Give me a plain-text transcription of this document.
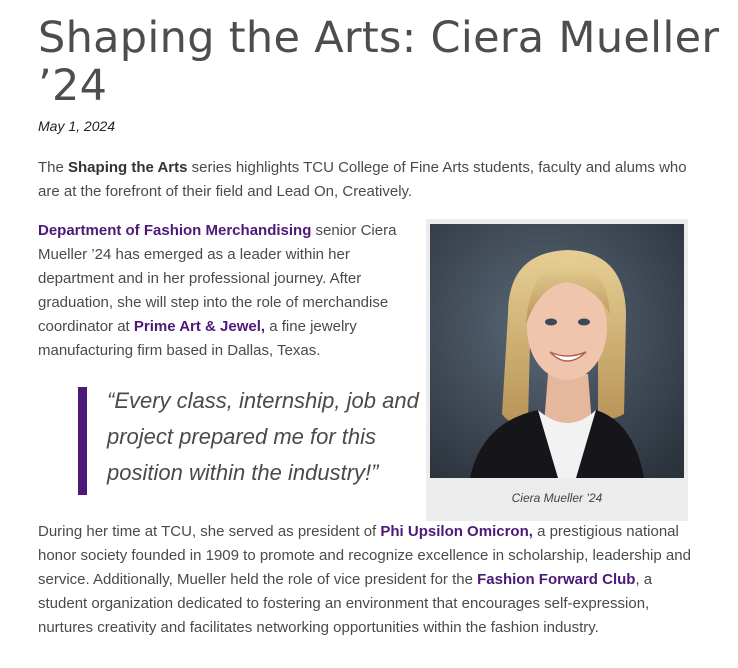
Shaping the Arts: Ciera Mueller
’24

May 1, 2024

The Shaping the Arts series highlights TCU College of Fine Arts students, faculty and alums who are at the forefront of their field and Lead On, Creatively.

Department of Fashion Merchandising senior Ciera Mueller ’24 has emerged as a leader within her department and in her professional journey. After graduation, she will step into the role of merchandise coordinator at Prime Art & Jewel, a fine jewelry manufacturing firm based in Dallas, Texas.

“Every class, internship, job and project prepared me for this position within the industry!”

Ciera Mueller ’24

During her time at TCU, she served as president of Phi Upsilon Omicron, a prestigious national honor society founded in 1909 to promote and recognize excellence in scholarship, leadership and service. Additionally, Mueller held the role of vice president for the Fashion Forward Club, a student organization dedicated to fostering an environment that encourages self-expression, nurtures creativity and facilitates networking opportunities within the fashion industry.
